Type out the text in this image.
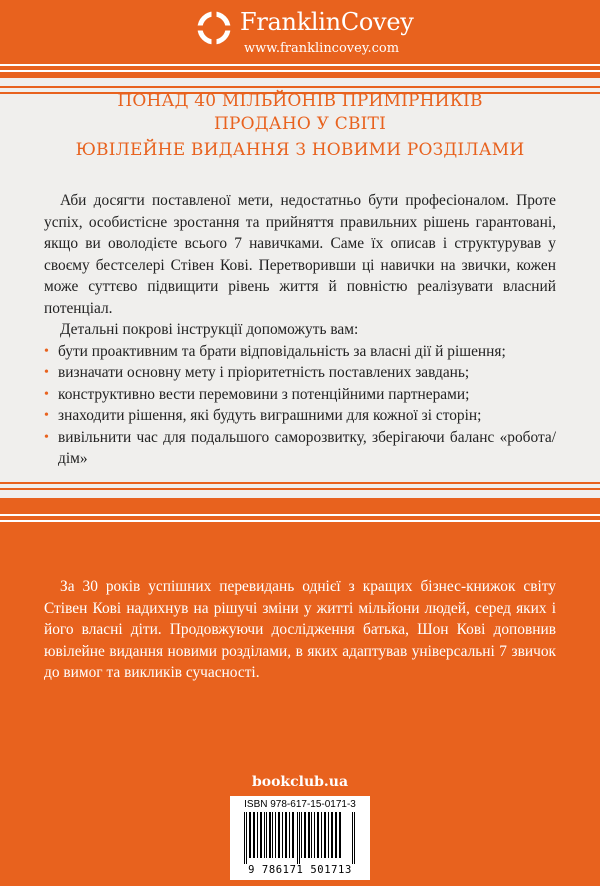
FranklinCovey
www.franklincovey.com
ПОНАД 40 МІЛЬЙОНІВ ПРИМІРНИКІВ
ПРОДАНО У СВІТІ
ЮВІЛЕЙНЕ ВИДАННЯ З НОВИМИ РОЗДІЛАМИ

Аби досягти поставленої мети, недостатньо бути професіоналом. Проте успіх, особистісне зростання та прийняття правильних рішень гарантовані, якщо ви оволодієте всього 7 навичками. Саме їх описав і структурував у своєму бестселері Стівен Кові. Перетворивши ці навички на звички, кожен може суттєво підвищити рівень життя й повністю реалізувати власний потенціал.

Детальні покрові інструкції допоможуть вам:

• бути проактивним та брати відповідальність за власні дії й рішення;
• визначати основну мету і пріоритетність поставлених завдань;
• конструктивно вести перемовини з потенційними партнерами;
• знаходити рішення, які будуть виграшними для кожної зі сторін;
• вивільнити час для подальшого саморозвитку, зберігаючи баланс «робота/дім»

За 30 років успішних перевидань однієї з кращих бізнес-книжок світу Стівен Кові надихнув на рішучі зміни у житті мільйони людей, серед яких і його власні діти. Продовжуючи дослідження батька, Шон Кові доповнив ювілейне видання новими розділами, в яких адаптував універсальні 7 звичок до вимог та викликів сучасності.

bookclub.ua
ISBN 978-617-15-0171-3
9 786171 501713
